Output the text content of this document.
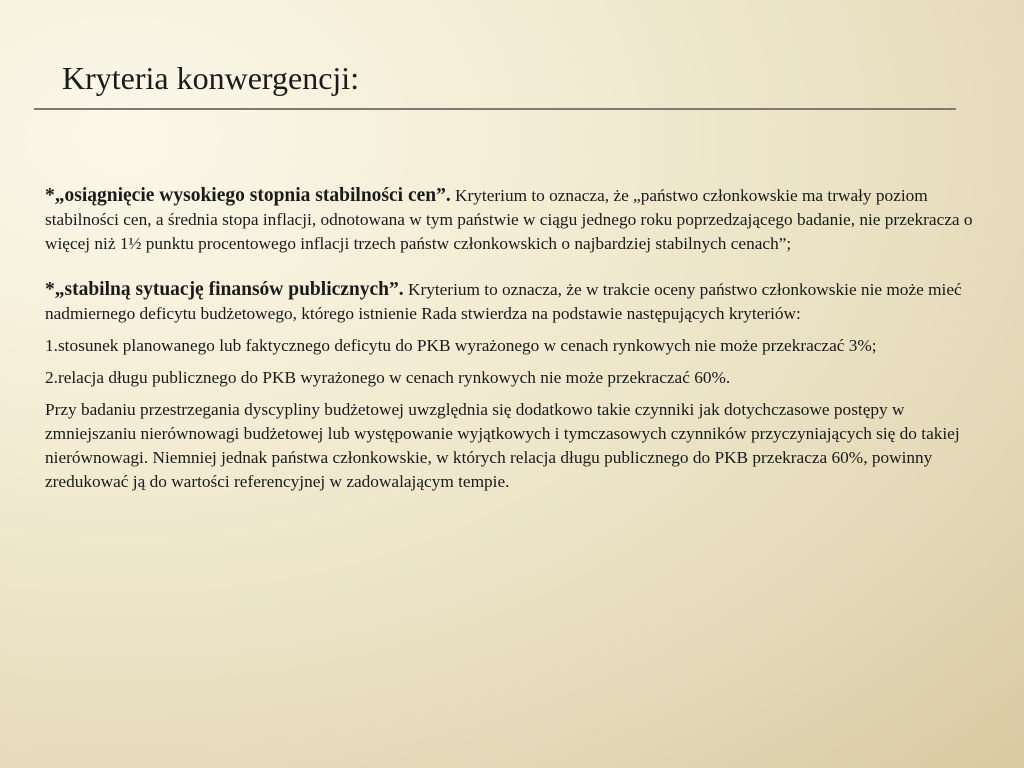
Kryteria konwergencji:

*„osiągnięcie wysokiego stopnia stabilności cen”. Kryterium to oznacza, że „państwo członkowskie ma trwały poziom stabilności cen, a średnia stopa inflacji, odnotowana w tym państwie w ciągu jednego roku poprzedzającego badanie, nie przekracza o więcej niż 1½ punktu procentowego inflacji trzech państw członkowskich o najbardziej stabilnych cenach”;

*„stabilną sytuację finansów publicznych”. Kryterium to oznacza, że w trakcie oceny państwo członkowskie nie może mieć nadmiernego deficytu budżetowego, którego istnienie Rada stwierdza na podstawie następujących kryteriów:

1.stosunek planowanego lub faktycznego deficytu do PKB wyrażonego w cenach rynkowych nie może przekraczać 3%;

2.relacja długu publicznego do PKB wyrażonego w cenach rynkowych nie może przekraczać 60%.

Przy badaniu przestrzegania dyscypliny budżetowej uwzględnia się dodatkowo takie czynniki jak dotychczasowe postępy w zmniejszaniu nierównowagi budżetowej lub występowanie wyjątkowych i tymczasowych czynników przyczyniających się do takiej nierównowagi. Niemniej jednak państwa członkowskie, w których relacja długu publicznego do PKB przekracza 60%, powinny zredukować ją do wartości referencyjnej w zadowalającym tempie.
